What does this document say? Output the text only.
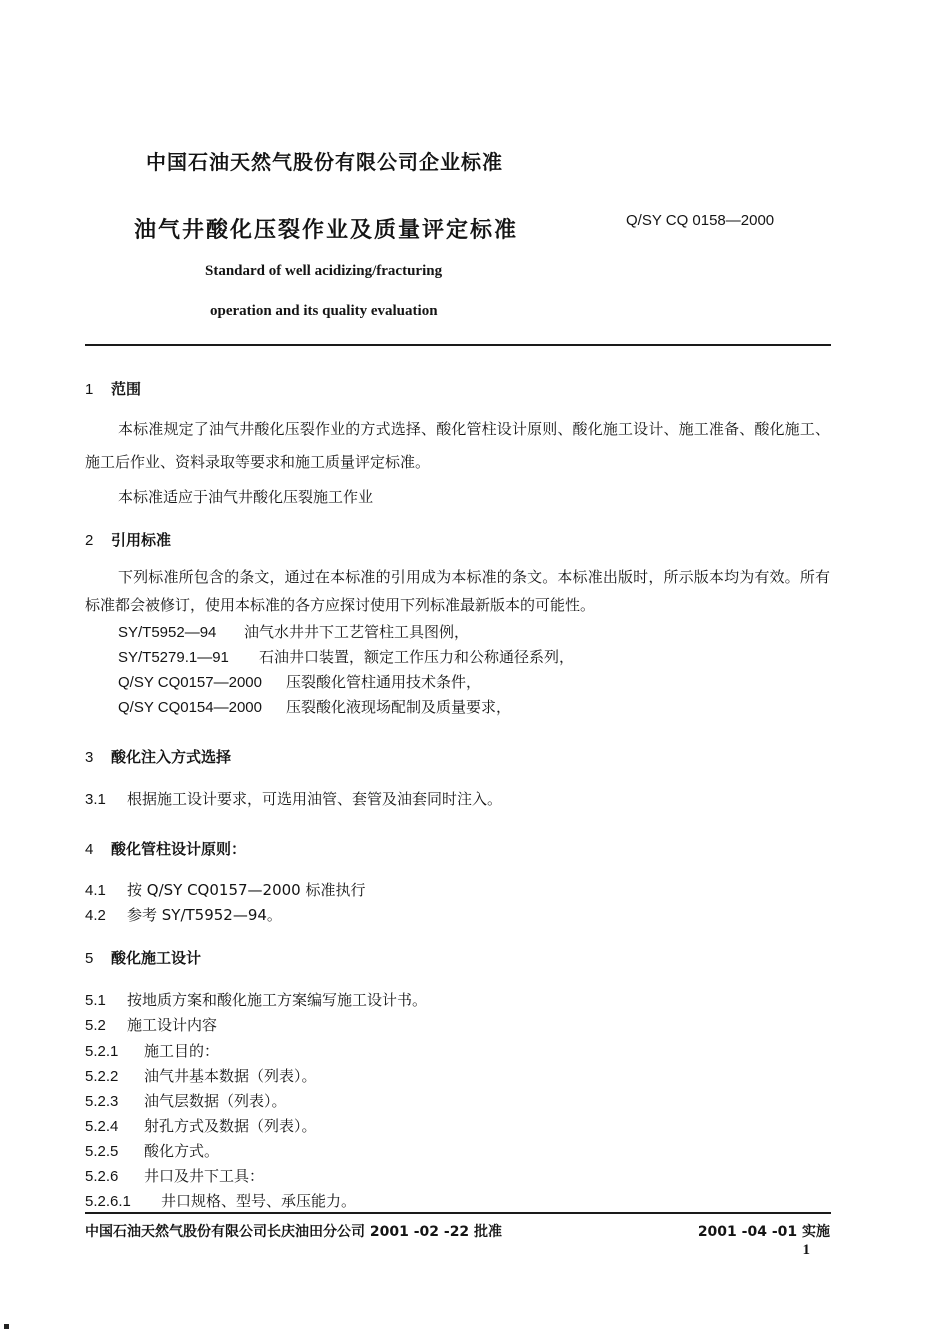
中国石油天然气股份有限公司企业标准
油气井酸化压裂作业及质量评定标准	Q/SY CQ 0158—2000
Standard of well acidizing/fracturing
operation and its quality evaluation
1 范围
本标准规定了油气井酸化压裂作业的方式选择、酸化管柱设计原则、酸化施工设计、施工准备、酸化施工、施工后作业、资料录取等要求和施工质量评定标准。
本标准适应于油气井酸化压裂施工作业
2 引用标准
下列标准所包含的条文，通过在本标准的引用成为本标准的条文。本标准出版时，所示版本均为有效。所有标准都会被修订，使用本标准的各方应探讨使用下列标准最新版本的可能性。
SY/T5952—94 油气水井井下工艺管柱工具图例，
SY/T5279.1—91 石油井口装置，额定工作压力和公称通径系列，
Q/SY CQ0157—2000 压裂酸化管柱通用技术条件，
Q/SY CQ0154—2000 压裂酸化液现场配制及质量要求，
3 酸化注入方式选择
3.1 根据施工设计要求，可选用油管、套管及油套同时注入。
4 酸化管柱设计原则：
4.1 按 Q/SY CQ0157—2000 标准执行
4.2 参考 SY/T5952—94。
5 酸化施工设计
5.1 按地质方案和酸化施工方案编写施工设计书。
5.2 施工设计内容
5.2.1 施工目的：
5.2.2 油气井基本数据（列表）。
5.2.3 油气层数据（列表）。
5.2.4 射孔方式及数据（列表）。
5.2.5 酸化方式。
5.2.6 井口及井下工具：
5.2.6.1 井口规格、型号、承压能力。
中国石油天然气股份有限公司长庆油田分公司 2001 -02 -22 批准	2001 -04 -01 实施
1
